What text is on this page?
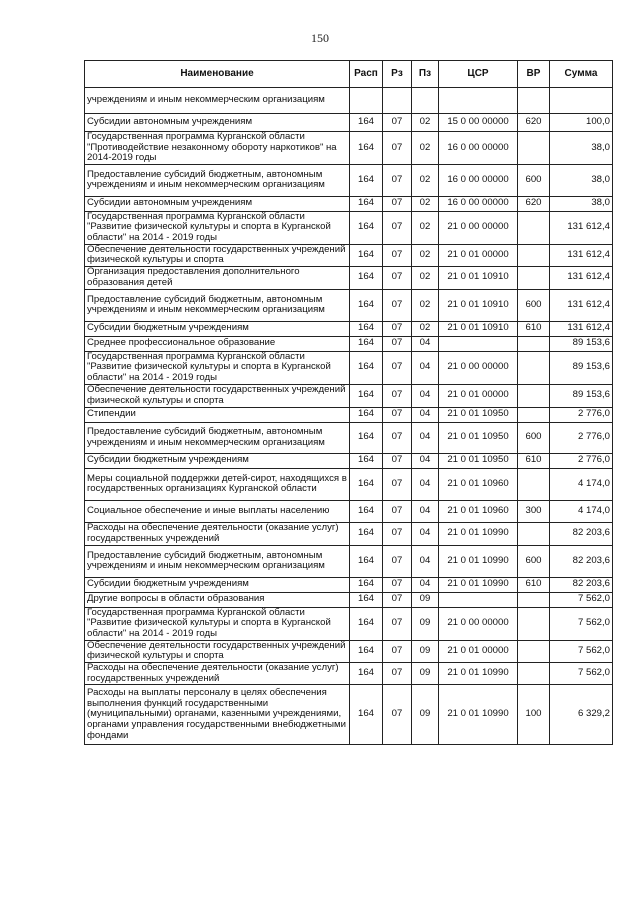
150
Наименование	Расп	Рз	Пз	ЦСР	ВР	Сумма
учреждениям и иным некоммерческим организациям						
Субсидии автономным учреждениям	164	07	02	15 0 00 00000	620	100,0
Государственная программа Курганской области "Противодействие незаконному обороту наркотиков" на 2014-2019 годы	164	07	02	16 0 00 00000		38,0
Предоставление субсидий бюджетным, автономным учреждениям и иным некоммерческим организациям	164	07	02	16 0 00 00000	600	38,0
Субсидии автономным учреждениям	164	07	02	16 0 00 00000	620	38,0
Государственная программа Курганской области "Развитие физической культуры и спорта в Курганской области" на 2014 - 2019 годы	164	07	02	21 0 00 00000		131 612,4
Обеспечение деятельности государственных учреждений физической культуры и спорта	164	07	02	21 0 01 00000		131 612,4
Организация предоставления дополнительного образования детей	164	07	02	21 0 01 10910		131 612,4
Предоставление субсидий бюджетным, автономным учреждениям и иным некоммерческим организациям	164	07	02	21 0 01 10910	600	131 612,4
Субсидии бюджетным учреждениям	164	07	02	21 0 01 10910	610	131 612,4
Среднее профессиональное образование	164	07	04			89 153,6
Государственная программа Курганской области "Развитие физической культуры и спорта в Курганской области" на 2014 - 2019 годы	164	07	04	21 0 00 00000		89 153,6
Обеспечение деятельности государственных учреждений физической культуры и спорта	164	07	04	21 0 01 00000		89 153,6
Стипендии	164	07	04	21 0 01 10950		2 776,0
Предоставление субсидий бюджетным, автономным учреждениям и иным некоммерческим организациям	164	07	04	21 0 01 10950	600	2 776,0
Субсидии бюджетным учреждениям	164	07	04	21 0 01 10950	610	2 776,0
Меры социальной поддержки детей-сирот, находящихся в государственных организациях Курганской области	164	07	04	21 0 01 10960		4 174,0
Социальное обеспечение и иные выплаты населению	164	07	04	21 0 01 10960	300	4 174,0
Расходы на обеспечение деятельности (оказание услуг) государственных учреждений	164	07	04	21 0 01 10990		82 203,6
Предоставление субсидий бюджетным, автономным учреждениям и иным некоммерческим организациям	164	07	04	21 0 01 10990	600	82 203,6
Субсидии бюджетным учреждениям	164	07	04	21 0 01 10990	610	82 203,6
Другие вопросы в области образования	164	07	09			7 562,0
Государственная программа Курганской области "Развитие физической культуры и спорта в Курганской области" на 2014 - 2019 годы	164	07	09	21 0 00 00000		7 562,0
Обеспечение деятельности государственных учреждений физической культуры и спорта	164	07	09	21 0 01 00000		7 562,0
Расходы на обеспечение деятельности (оказание услуг) государственных учреждений	164	07	09	21 0 01 10990		7 562,0
Расходы на выплаты персоналу в целях обеспечения выполнения функций государственными (муниципальными) органами, казенными учреждениями, органами управления государственными внебюджетными фондами	164	07	09	21 0 01 10990	100	6 329,2
